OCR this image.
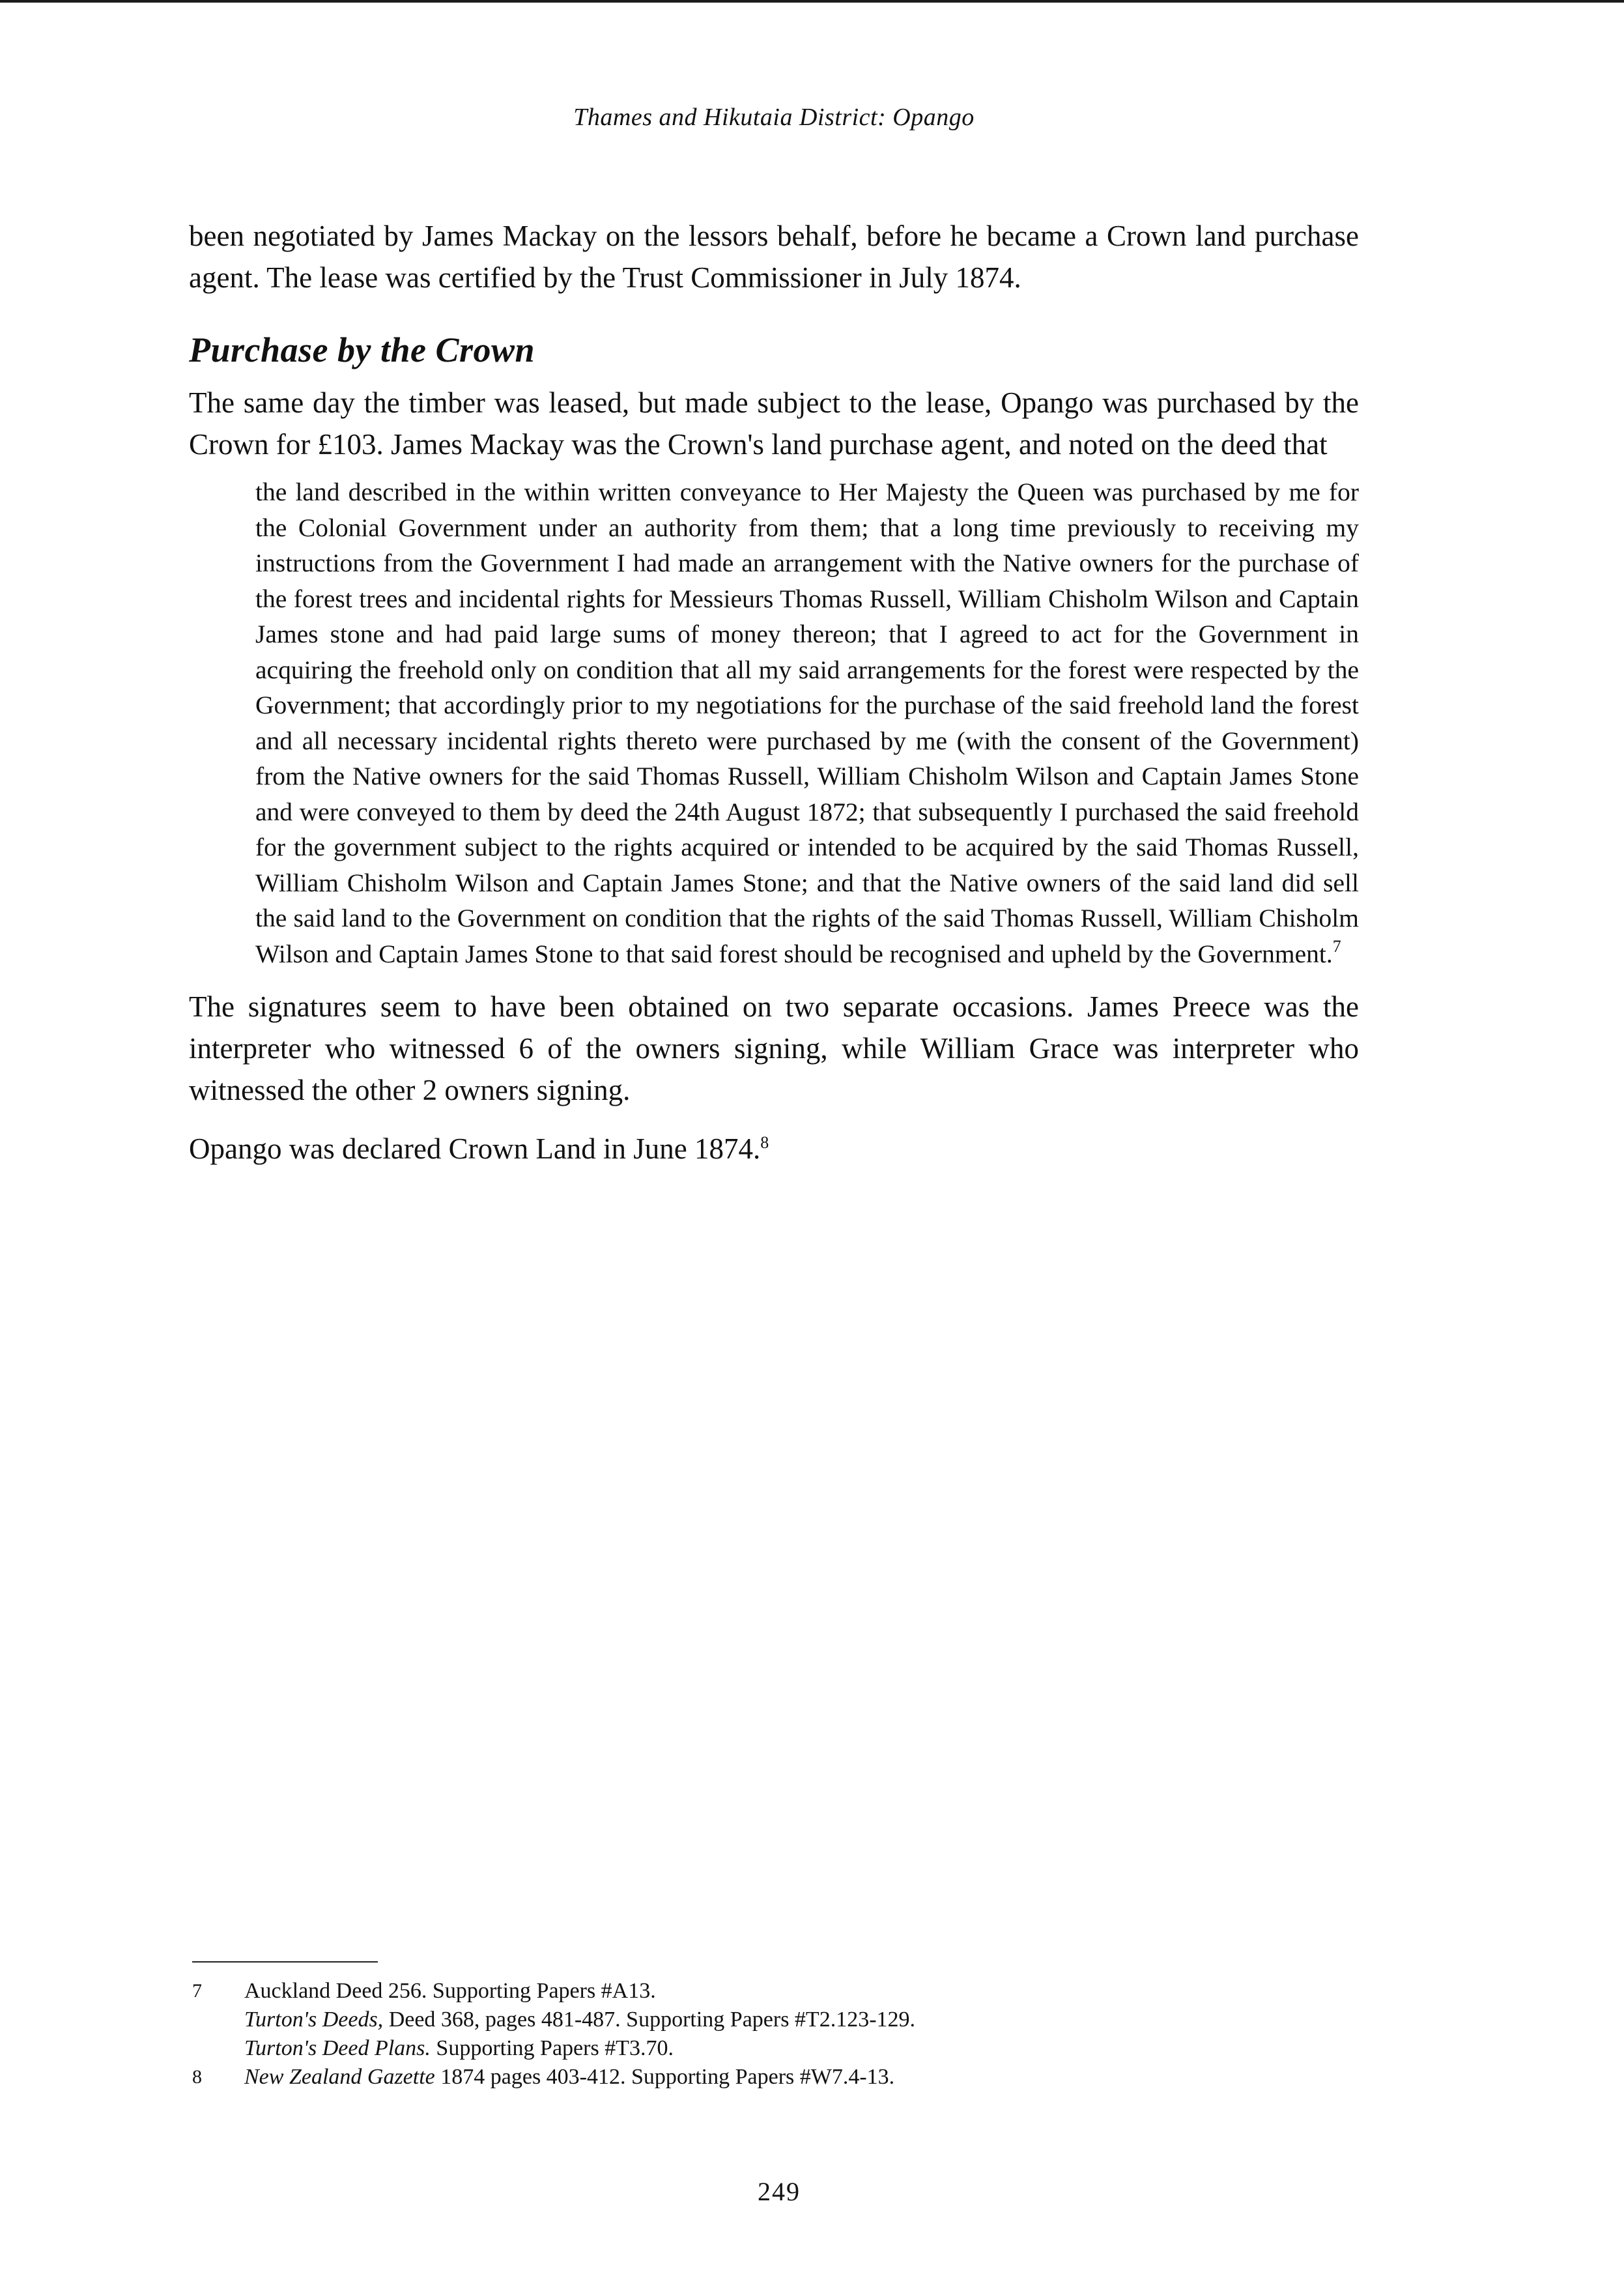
Thames and Hikutaia District: Opango

been negotiated by James Mackay on the lessors behalf, before he became a Crown land purchase agent. The lease was certified by the Trust Commissioner in July 1874.

Purchase by the Crown

The same day the timber was leased, but made subject to the lease, Opango was purchased by the Crown for £103. James Mackay was the Crown's land purchase agent, and noted on the deed that

the land described in the within written conveyance to Her Majesty the Queen was purchased by me for the Colonial Government under an authority from them; that a long time previously to receiving my instructions from the Government I had made an arrangement with the Native owners for the purchase of the forest trees and incidental rights for Messieurs Thomas Russell, William Chisholm Wilson and Captain James stone and had paid large sums of money thereon; that I agreed to act for the Government in acquiring the freehold only on condition that all my said arrangements for the forest were respected by the Government; that accordingly prior to my negotiations for the purchase of the said freehold land the forest and all necessary incidental rights thereto were purchased by me (with the consent of the Government) from the Native owners for the said Thomas Russell, William Chisholm Wilson and Captain James Stone and were conveyed to them by deed the 24th August 1872; that subsequently I purchased the said freehold for the government subject to the rights acquired or intended to be acquired by the said Thomas Russell, William Chisholm Wilson and Captain James Stone; and that the Native owners of the said land did sell the said land to the Government on condition that the rights of the said Thomas Russell, William Chisholm Wilson and Captain James Stone to that said forest should be recognised and upheld by the Government.$^7$

The signatures seem to have been obtained on two separate occasions. James Preece was the interpreter who witnessed 6 of the owners signing, while William Grace was interpreter who witnessed the other 2 owners signing.

Opango was declared Crown Land in June 1874.$^8$

7	Auckland Deed 256. Supporting Papers #A13.
Turton's Deeds, Deed 368, pages 481-487. Supporting Papers #T2.123-129.
Turton's Deed Plans. Supporting Papers #T3.70.
8	New Zealand Gazette 1874 pages 403-412. Supporting Papers #W7.4-13.
249
